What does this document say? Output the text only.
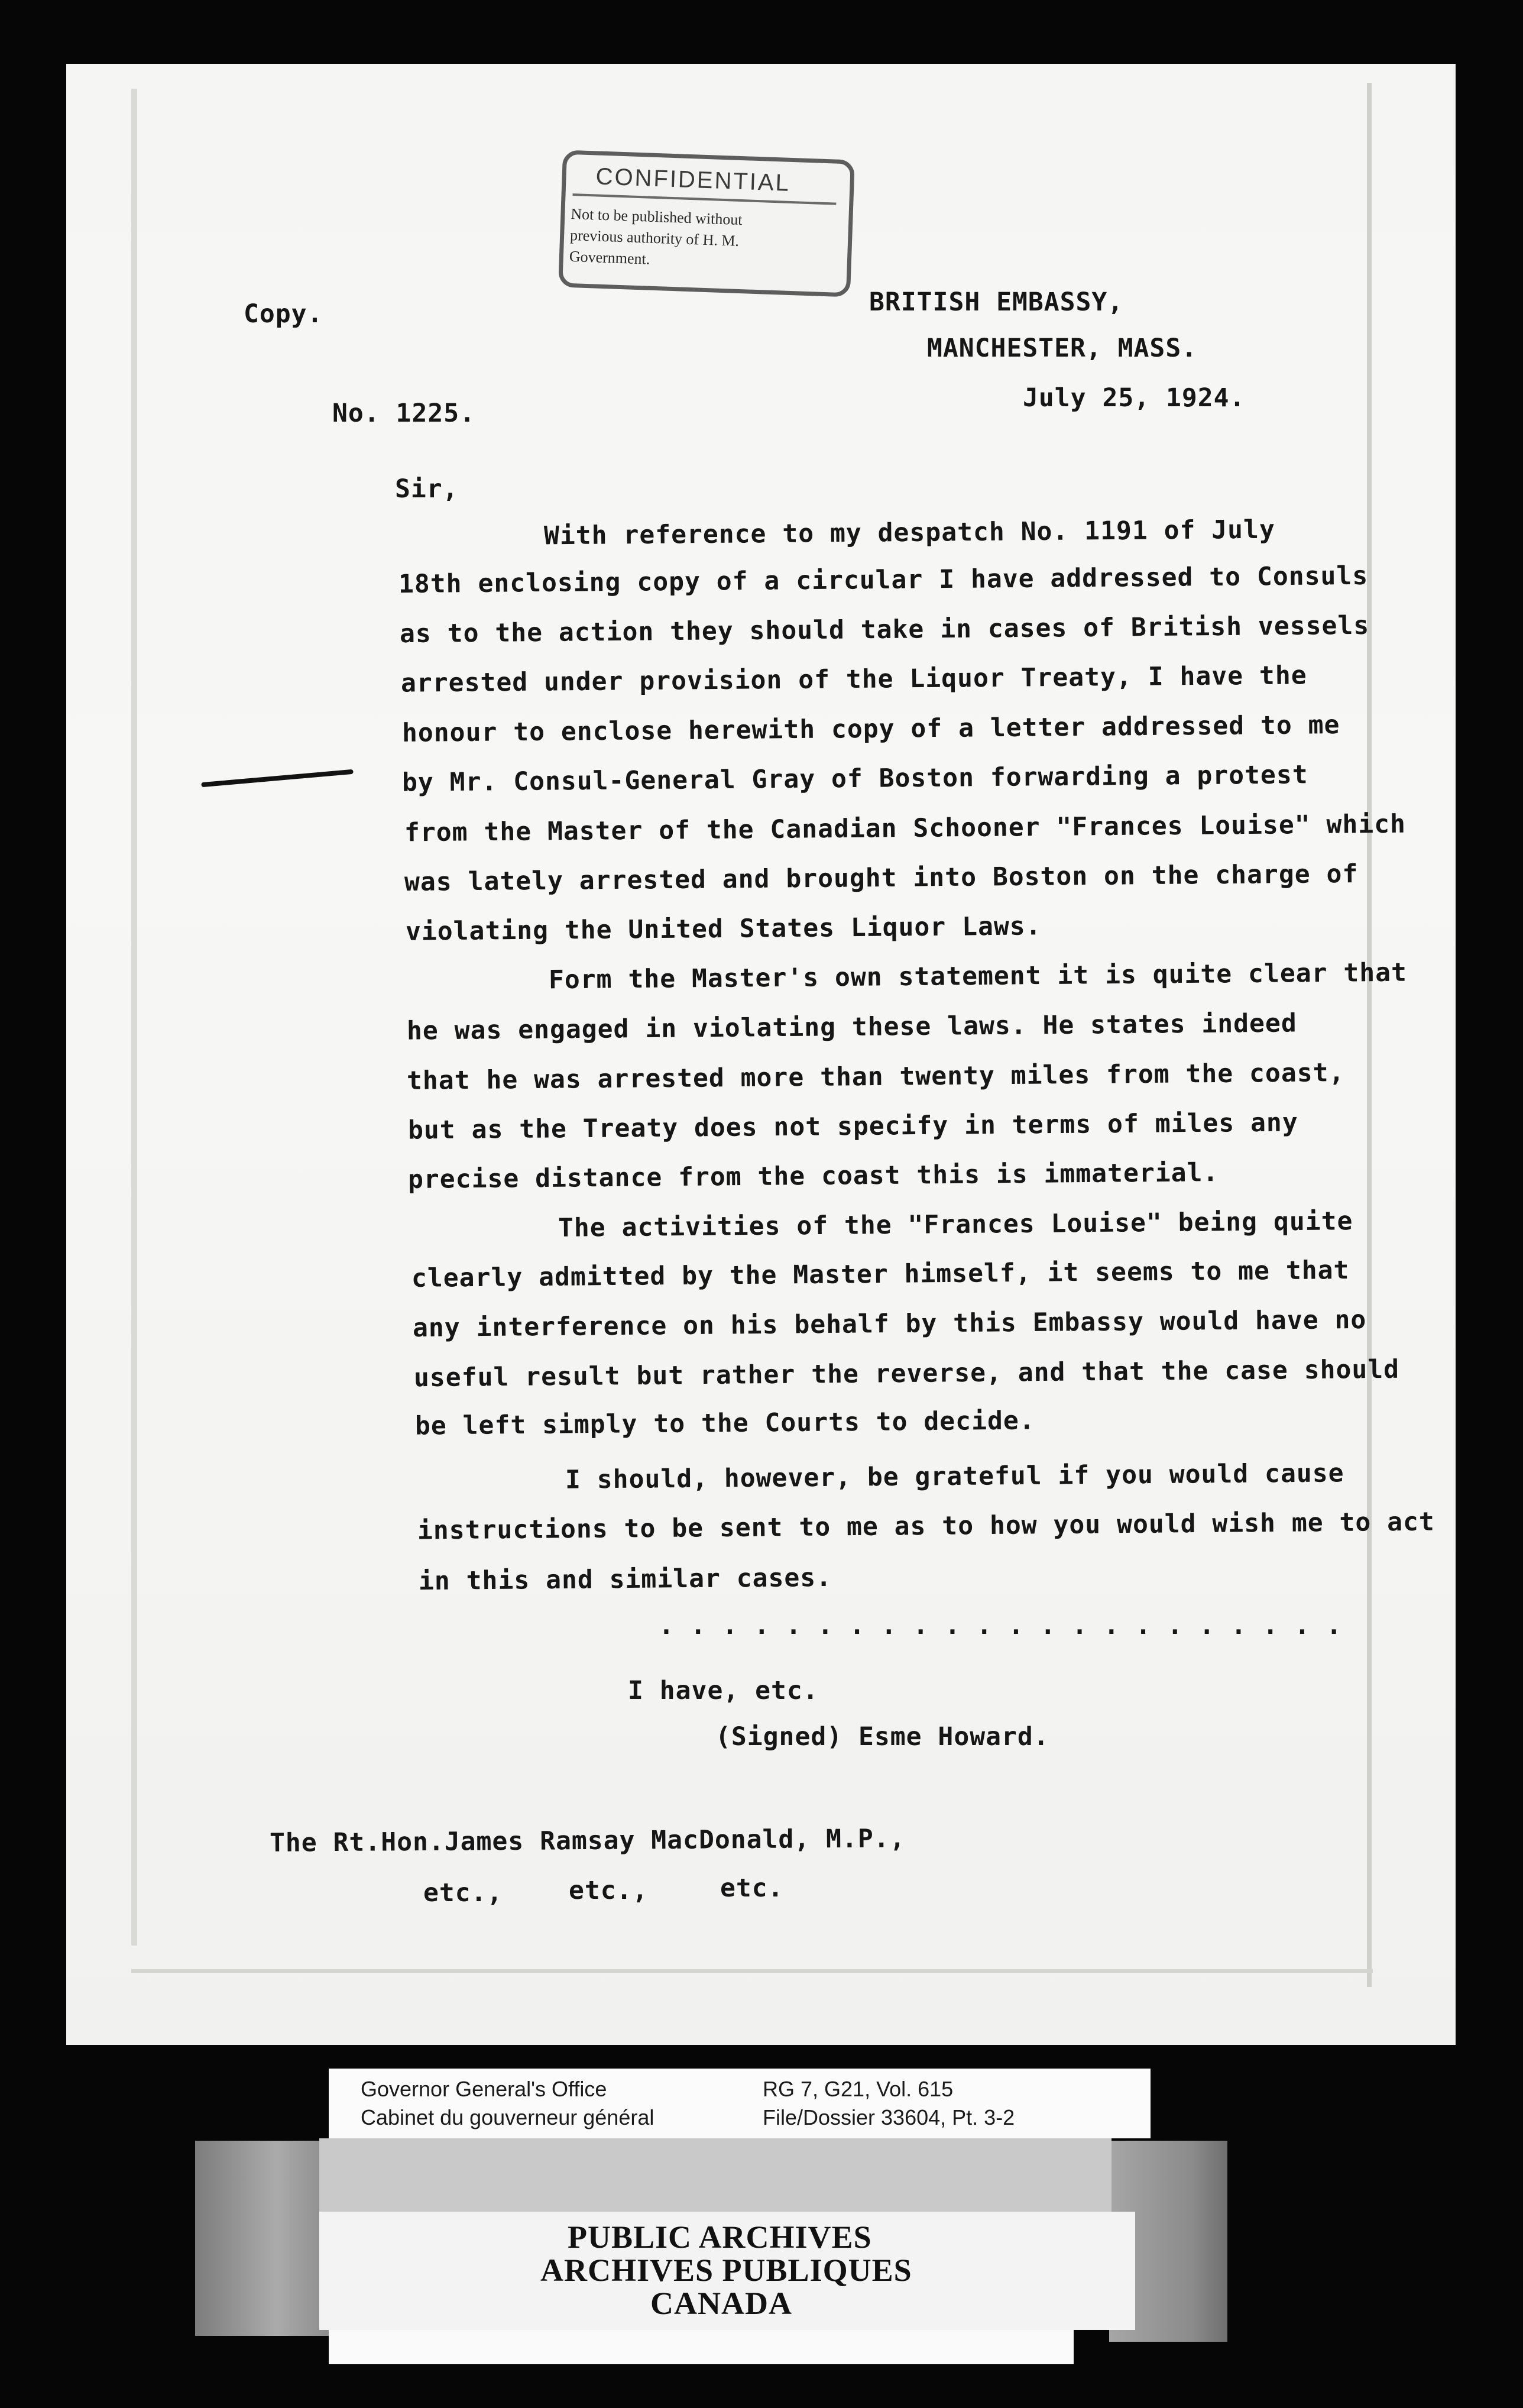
CONFIDENTIAL
Not to be published without
previous authority of H. M.
Government.
Copy.	BRITISH EMBASSY,
MANCHESTER, MASS.
No. 1225.
July 25, 1924.
Sir,
With reference to my despatch No. 1191 of July
18th enclosing copy of a circular I have addressed to Consuls
as to the action they should take in cases of British vessels
arrested under provision of the Liquor Treaty, I have the
honour to enclose herewith copy of a letter addressed to me
by Mr. Consul-General Gray of Boston forwarding a protest
from the Master of the Canadian Schooner "Frances Louise" which
was lately arrested and brought into Boston on the charge of
violating the United States Liquor Laws.
Form the Master's own statement it is quite clear that
he was engaged in violating these laws. He states indeed
that he was arrested more than twenty miles from the coast,
but as the Treaty does not specify in terms of miles any
precise distance from the coast this is immaterial.
The activities of the "Frances Louise" being quite
clearly admitted by the Master himself, it seems to me that
any interference on his behalf by this Embassy would have no
useful result but rather the reverse, and that the case should
be left simply to the Courts to decide.
I should, however, be grateful if you would cause
instructions to be sent to me as to how you would wish me to act
in this and similar cases.
. . . . . . . . . . . . . . . . . . . . . .
I have, etc.
(Signed) Esme Howard.
The Rt.Hon.James Ramsay MacDonald, M.P.,
etc.,	etc.,	etc.
PUBLIC ARCHIVES
ARCHIVES PUBLIQUES
CANADA
Governor General's Office
Cabinet du gouverneur général
RG 7, G21, Vol. 615
File/Dossier 33604, Pt. 3-2
